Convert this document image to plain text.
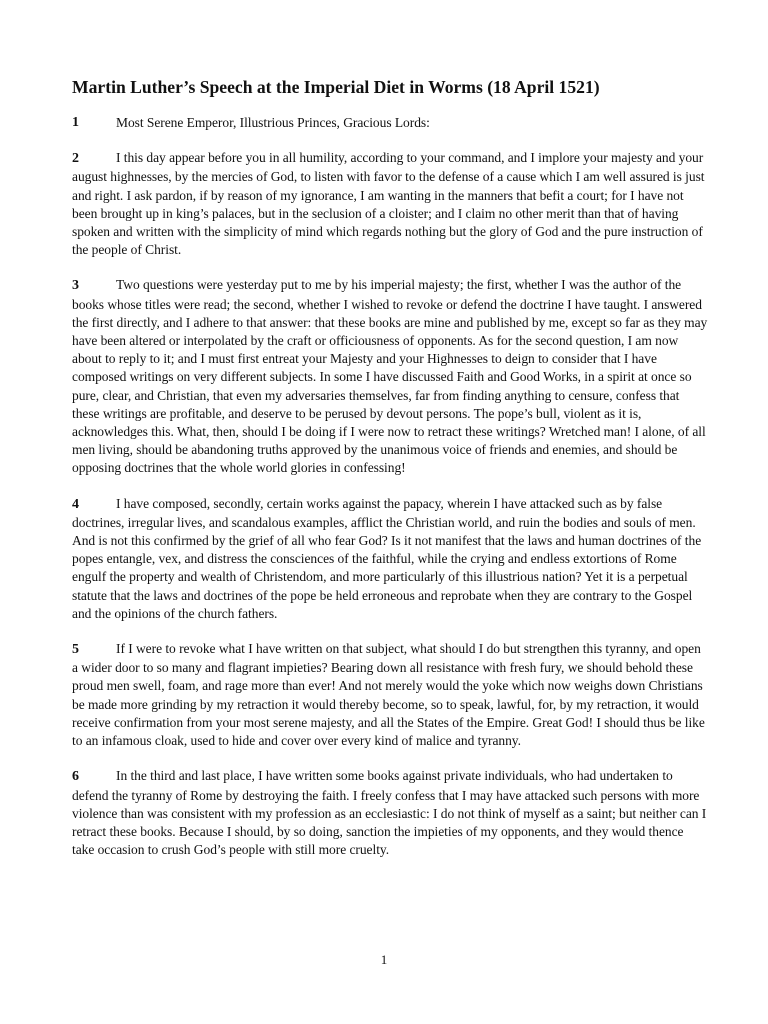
Martin Luther’s Speech at the Imperial Diet in Worms (18 April 1521)
1	Most Serene Emperor, Illustrious Princes, Gracious Lords:
2	I this day appear before you in all humility, according to your command, and I implore your majesty and your august highnesses, by the mercies of God, to listen with favor to the defense of a cause which I am well assured is just and right. I ask pardon, if by reason of my ignorance, I am wanting in the manners that befit a court; for I have not been brought up in king’s palaces, but in the seclusion of a cloister; and I claim no other merit than that of having spoken and written with the simplicity of mind which regards nothing but the glory of God and the pure instruction of the people of Christ.
3	Two questions were yesterday put to me by his imperial majesty; the first, whether I was the author of the books whose titles were read; the second, whether I wished to revoke or defend the doctrine I have taught. I answered the first directly, and I adhere to that answer: that these books are mine and published by me, except so far as they may have been altered or interpolated by the craft or officiousness of opponents. As for the second question, I am now about to reply to it; and I must first entreat your Majesty and your Highnesses to deign to consider that I have composed writings on very different subjects. In some I have discussed Faith and Good Works, in a spirit at once so pure, clear, and Christian, that even my adversaries themselves, far from finding anything to censure, confess that these writings are profitable, and deserve to be perused by devout persons. The pope’s bull, violent as it is, acknowledges this. What, then, should I be doing if I were now to retract these writings? Wretched man! I alone, of all men living, should be abandoning truths approved by the unanimous voice of friends and enemies, and should be opposing doctrines that the whole world glories in confessing!
4	I have composed, secondly, certain works against the papacy, wherein I have attacked such as by false doctrines, irregular lives, and scandalous examples, afflict the Christian world, and ruin the bodies and souls of men. And is not this confirmed by the grief of all who fear God? Is it not manifest that the laws and human doctrines of the popes entangle, vex, and distress the consciences of the faithful, while the crying and endless extortions of Rome engulf the property and wealth of Christendom, and more particularly of this illustrious nation? Yet it is a perpetual statute that the laws and doctrines of the pope be held erroneous and reprobate when they are contrary to the Gospel and the opinions of the church fathers.
5	If I were to revoke what I have written on that subject, what should I do but strengthen this tyranny, and open a wider door to so many and flagrant impieties? Bearing down all resistance with fresh fury, we should behold these proud men swell, foam, and rage more than ever! And not merely would the yoke which now weighs down Christians be made more grinding by my retraction it would thereby become, so to speak, lawful, for, by my retraction, it would receive confirmation from your most serene majesty, and all the States of the Empire. Great God! I should thus be like to an infamous cloak, used to hide and cover over every kind of malice and tyranny.
6	In the third and last place, I have written some books against private individuals, who had undertaken to defend the tyranny of Rome by destroying the faith. I freely confess that I may have attacked such persons with more violence than was consistent with my profession as an ecclesiastic: I do not think of myself as a saint; but neither can I retract these books. Because I should, by so doing, sanction the impieties of my opponents, and they would thence take occasion to crush God’s people with still more cruelty.
1
